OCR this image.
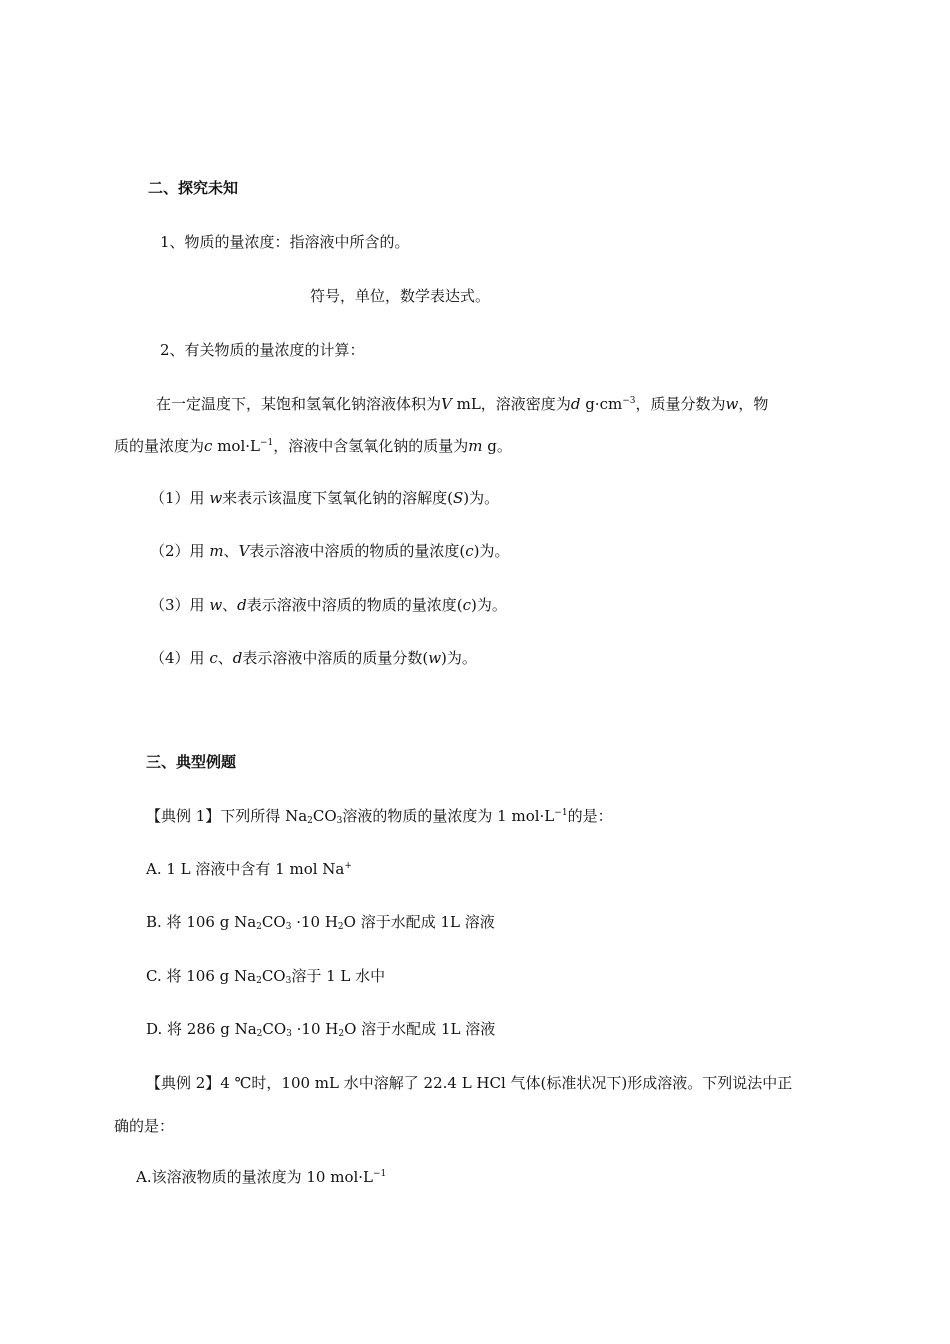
二、探究未知
1、物质的量浓度：指溶液中所含的。
符号，单位，数学表达式。
2、有关物质的量浓度的计算：
在一定温度下，某饱和氢氧化钠溶液体积为V mL，溶液密度为d $g\cdot cm^{-3}$，质量分数为w，物
质的量浓度为c $mol\cdot L^{-1}$，溶液中含氢氧化钠的质量为m g。
（1）用 w来表示该温度下氢氧化钠的溶解度(S)为。
（2）用 m、V表示溶液中溶质的物质的量浓度(c)为。
（3）用 w、d表示溶液中溶质的物质的量浓度(c)为。
（4）用 c、d表示溶液中溶质的质量分数(w)为。
三、典型例题
【典例 1】下列所得 $Na_2CO_3$溶液的物质的量浓度为 1 $mol\cdot L^{-1}$的是：
A. 1 L 溶液中含有 1 mol Na+
B. 将 106 g $Na_2CO_3 \cdot 10$ $H_2O$ 溶于水配成 1L 溶液
C. 将 106 g $Na_2CO_3$溶于 1 L 水中
D. 将 286 g $Na_2CO_3 \cdot 10$ $H_2O$ 溶于水配成 1L 溶液
【典例 2】4 ℃时，100 mL 水中溶解了 22.4 L HCl 气体(标准状况下)形成溶液。下列说法中正
确的是：
A.该溶液物质的量浓度为 10 $mol\cdot L^{-1}$
